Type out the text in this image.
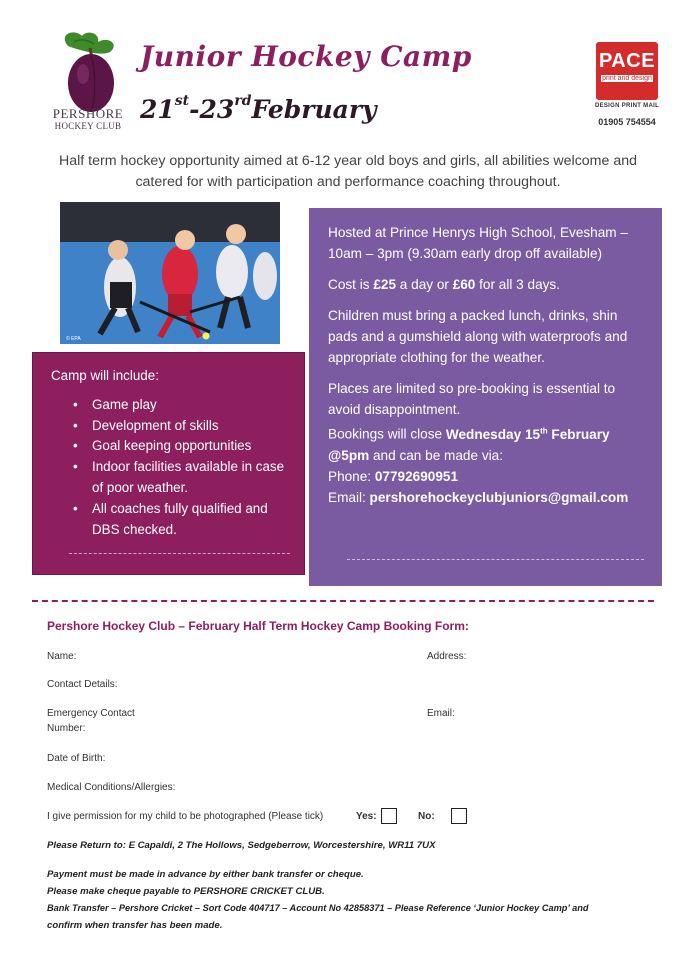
PERSHORE
HOCKEY CLUB
Junior Hockey Camp
21st-23rdFebruary
PACE
print and design
DESIGN PRINT MAIL
01905 754554
Half term hockey opportunity aimed at 6-12 year old boys and girls, all abilities welcome and catered for with participation and performance coaching throughout.
© EPA

Hosted at Prince Henrys High School, Evesham – 10am – 3pm (9.30am early drop off available)

Cost is £25 a day or £60 for all 3 days.

Children must bring a packed lunch, drinks, shin pads and a gumshield along with waterproofs and appropriate clothing for the weather.

Places are limited so pre-booking is essential to avoid disappointment.

Bookings will close Wednesday 15th February @5pm and can be made via:
Phone: 07792690951
Email: pershorehockeyclubjuniors@gmail.com
Camp will include:
• Game play
• Development of skills
• Goal keeping opportunities
• Indoor facilities available in case of poor weather.
• All coaches fully qualified and DBS checked.
Pershore Hockey Club – February Half Term Hockey Camp Booking Form:
Name:	Address:
Contact Details:
Emergency Contact
Number:
Email:
Date of Birth:
Medical Conditions/Allergies:
I give permission for my child to be photographed (Please tick)	Yes:	No:
Please Return to: E Capaldi, 2 The Hollows, Sedgeberrow, Worcestershire, WR11 7UX
Payment must be made in advance by either bank transfer or cheque.
Please make cheque payable to PERSHORE CRICKET CLUB.
Bank Transfer – Pershore Cricket – Sort Code 404717 – Account No 42858371 – Please Reference ‘Junior Hockey Camp’ and
confirm when transfer has been made.
